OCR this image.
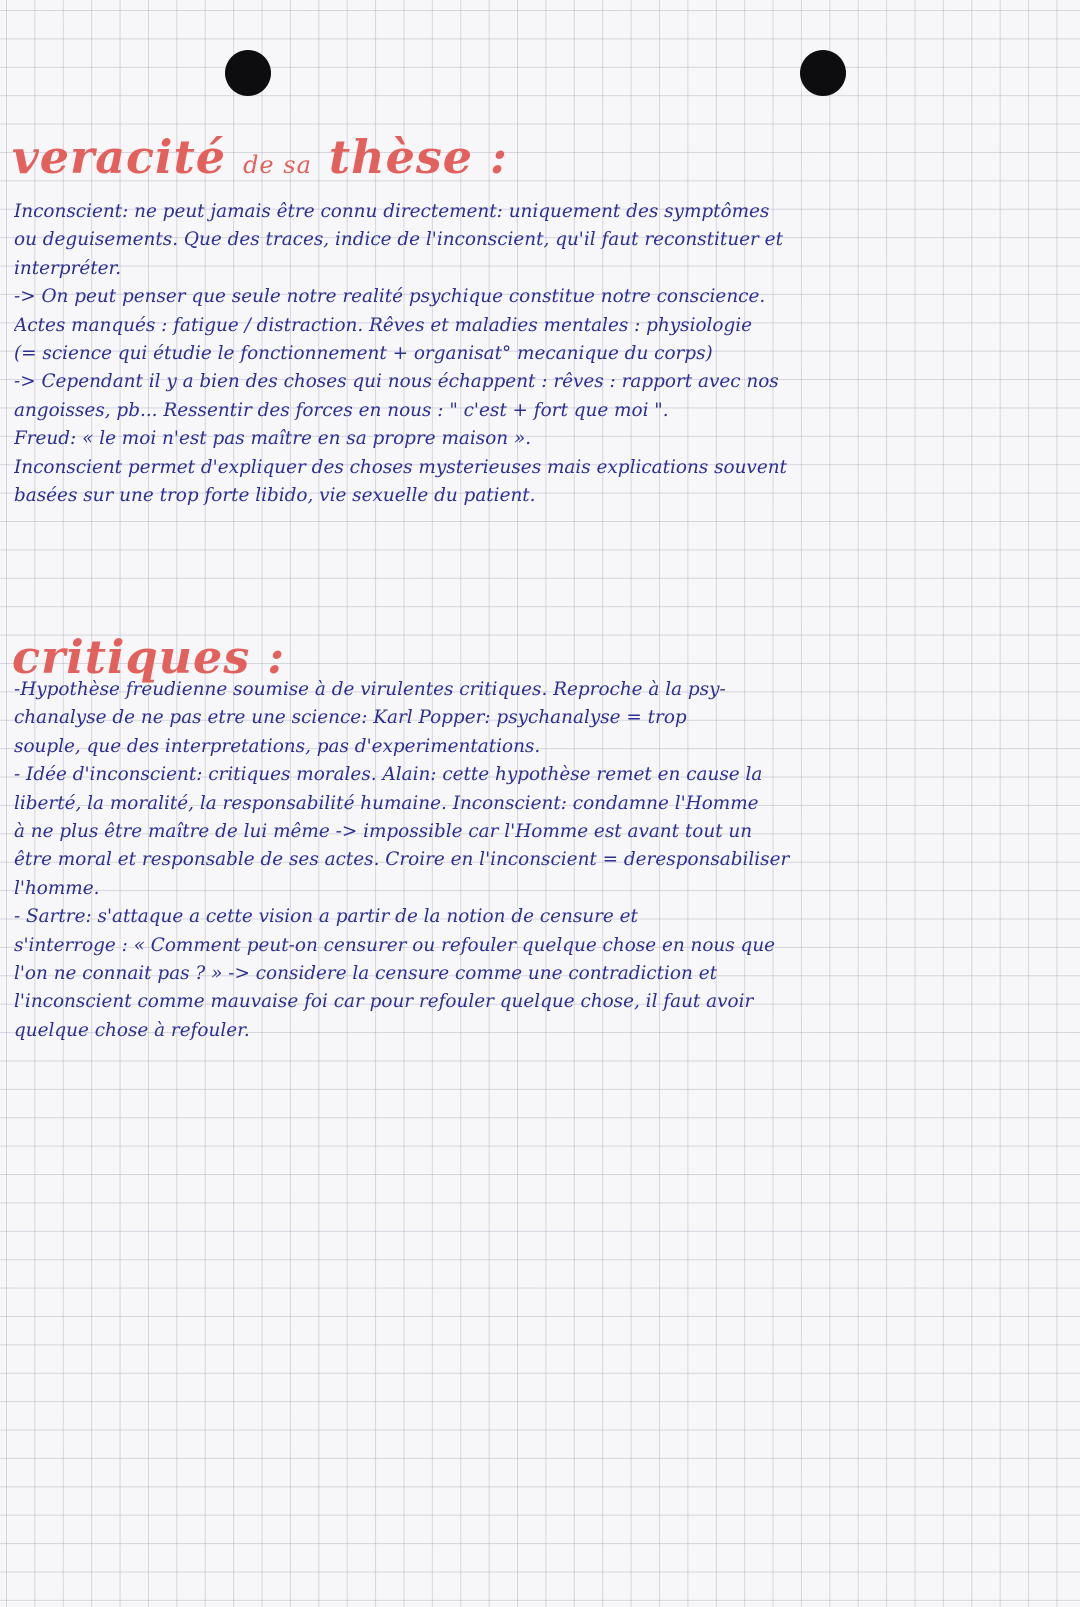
veracité de sa thèse :
Inconscient: ne peut jamais être connu directement: uniquement des symptômes
ou deguisements. Que des traces, indice de l'inconscient, qu'il faut reconstituer et
interpréter.
-> On peut penser que seule notre realité psychique constitue notre conscience.
Actes manqués : fatigue / distraction. Rêves et maladies mentales : physiologie
(= science qui étudie le fonctionnement + organisat° mecanique du corps)
-> Cependant il y a bien des choses qui nous échappent : rêves : rapport avec nos
angoisses, pb... Ressentir des forces en nous : " c'est + fort que moi ".
Freud: « le moi n'est pas maître en sa propre maison ».
Inconscient permet d'expliquer des choses mysterieuses mais explications souvent
basées sur une trop forte libido, vie sexuelle du patient.
critiques :
-Hypothèse freudienne soumise à de virulentes critiques. Reproche à la psy-
chanalyse de ne pas etre une science: Karl Popper: psychanalyse = trop
souple, que des interpretations, pas d'experimentations.
- Idée d'inconscient: critiques morales. Alain: cette hypothèse remet en cause la
liberté, la moralité, la responsabilité humaine. Inconscient: condamne l'Homme
à ne plus être maître de lui même -> impossible car l'Homme est avant tout un
être moral et responsable de ses actes. Croire en l'inconscient = deresponsabiliser
l'homme.
- Sartre: s'attaque a cette vision a partir de la notion de censure et
s'interroge : « Comment peut-on censurer ou refouler quelque chose en nous que
l'on ne connait pas ? » -> considere la censure comme une contradiction et
l'inconscient comme mauvaise foi car pour refouler quelque chose, il faut avoir
quelque chose à refouler.
